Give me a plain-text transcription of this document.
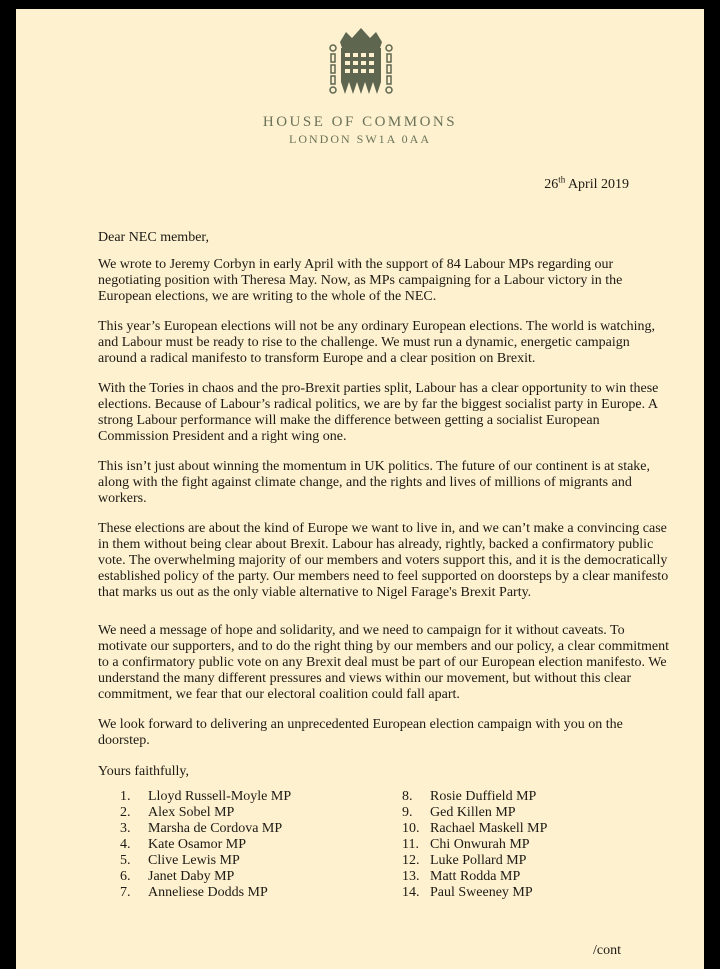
HOUSE OF COMMONS
LONDON SW1A 0AA
26th April 2019
Dear NEC member,
We wrote to Jeremy Corbyn in early April with the support of 84 Labour MPs regarding our
negotiating position with Theresa May. Now, as MPs campaigning for a Labour victory in the
European elections, we are writing to the whole of the NEC.
This year’s European elections will not be any ordinary European elections. The world is watching,
and Labour must be ready to rise to the challenge. We must run a dynamic, energetic campaign
around a radical manifesto to transform Europe and a clear position on Brexit.
With the Tories in chaos and the pro-Brexit parties split, Labour has a clear opportunity to win these
elections. Because of Labour’s radical politics, we are by far the biggest socialist party in Europe. A
strong Labour performance will make the difference between getting a socialist European
Commission President and a right wing one.
This isn’t just about winning the momentum in UK politics. The future of our continent is at stake,
along with the fight against climate change, and the rights and lives of millions of migrants and
workers.
These elections are about the kind of Europe we want to live in, and we can’t make a convincing case
in them without being clear about Brexit. Labour has already, rightly, backed a confirmatory public
vote. The overwhelming majority of our members and voters support this, and it is the democratically
established policy of the party. Our members need to feel supported on doorsteps by a clear manifesto
that marks us out as the only viable alternative to Nigel Farage's Brexit Party.
We need a message of hope and solidarity, and we need to campaign for it without caveats. To
motivate our supporters, and to do the right thing by our members and our policy, a clear commitment
to a confirmatory public vote on any Brexit deal must be part of our European election manifesto. We
understand the many different pressures and views within our movement, but without this clear
commitment, we fear that our electoral coalition could fall apart.
We look forward to delivering an unprecedented European election campaign with you on the
doorstep.
Yours faithfully,
1.	Lloyd Russell-Moyle MP
2.	Alex Sobel MP
3.	Marsha de Cordova MP
4.	Kate Osamor MP
5.	Clive Lewis MP
6.	Janet Daby MP
7.	Anneliese Dodds MP
8.	Rosie Duffield MP
9.	Ged Killen MP
10. Rachael Maskell MP
11. Chi Onwurah MP
12. Luke Pollard MP
13. Matt Rodda MP
14. Paul Sweeney MP
/cont
